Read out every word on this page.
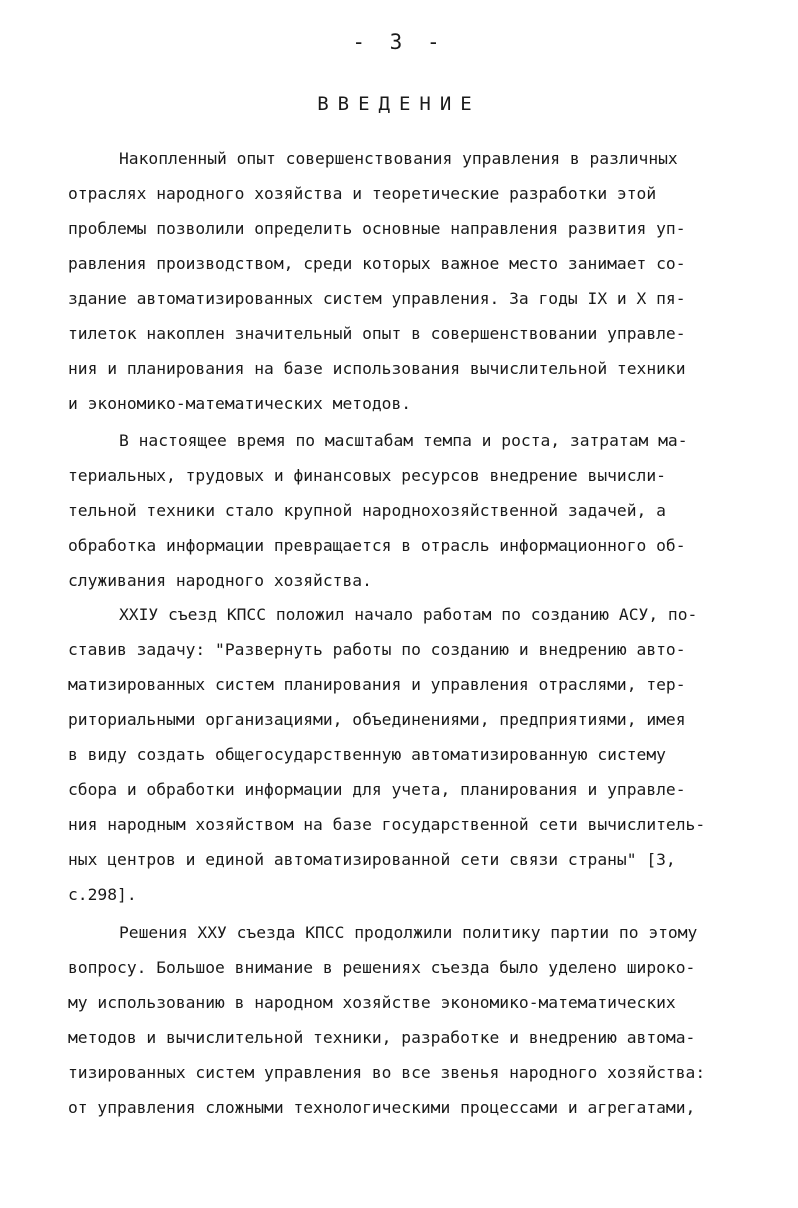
- 3 -
ВВЕДЕНИЕ
Накопленный опыт совершенствования управления в различных
отраслях народного хозяйства и теоретические разработки этой
проблемы позволили определить основные направления развития уп-
равления производством, среди которых важное место занимает со-
здание автоматизированных систем управления. За годы IX и X пя-
тилеток накоплен значительный опыт в совершенствовании управле-
ния и планирования на базе использования вычислительной техники
и экономико-математических методов.
В настоящее время по масштабам темпа и роста, затратам ма-
териальных, трудовых и финансовых ресурсов внедрение вычисли-
тельной техники стало крупной народнохозяйственной задачей, а
обработка информации превращается в отрасль информационного об-
служивания народного хозяйства.
XXIУ съезд КПСС положил начало работам по созданию АСУ, по-
ставив задачу: "Развернуть работы по созданию и внедрению авто-
матизированных систем планирования и управления отраслями, тер-
риториальными организациями, объединениями, предприятиями, имея
в виду создать общегосударственную автоматизированную систему
сбора и обработки информации для учета, планирования и управле-
ния народным хозяйством на базе государственной сети вычислитель-
ных центров и единой автоматизированной сети связи страны" [3,
с.298].
Решения XXУ съезда КПСС продолжили политику партии по этому
вопросу. Большое внимание в решениях съезда было уделено широко-
му использованию в народном хозяйстве экономико-математических
методов и вычислительной техники, разработке и внедрению автома-
тизированных систем управления во все звенья народного хозяйства:
от управления сложными технологическими процессами и агрегатами,
